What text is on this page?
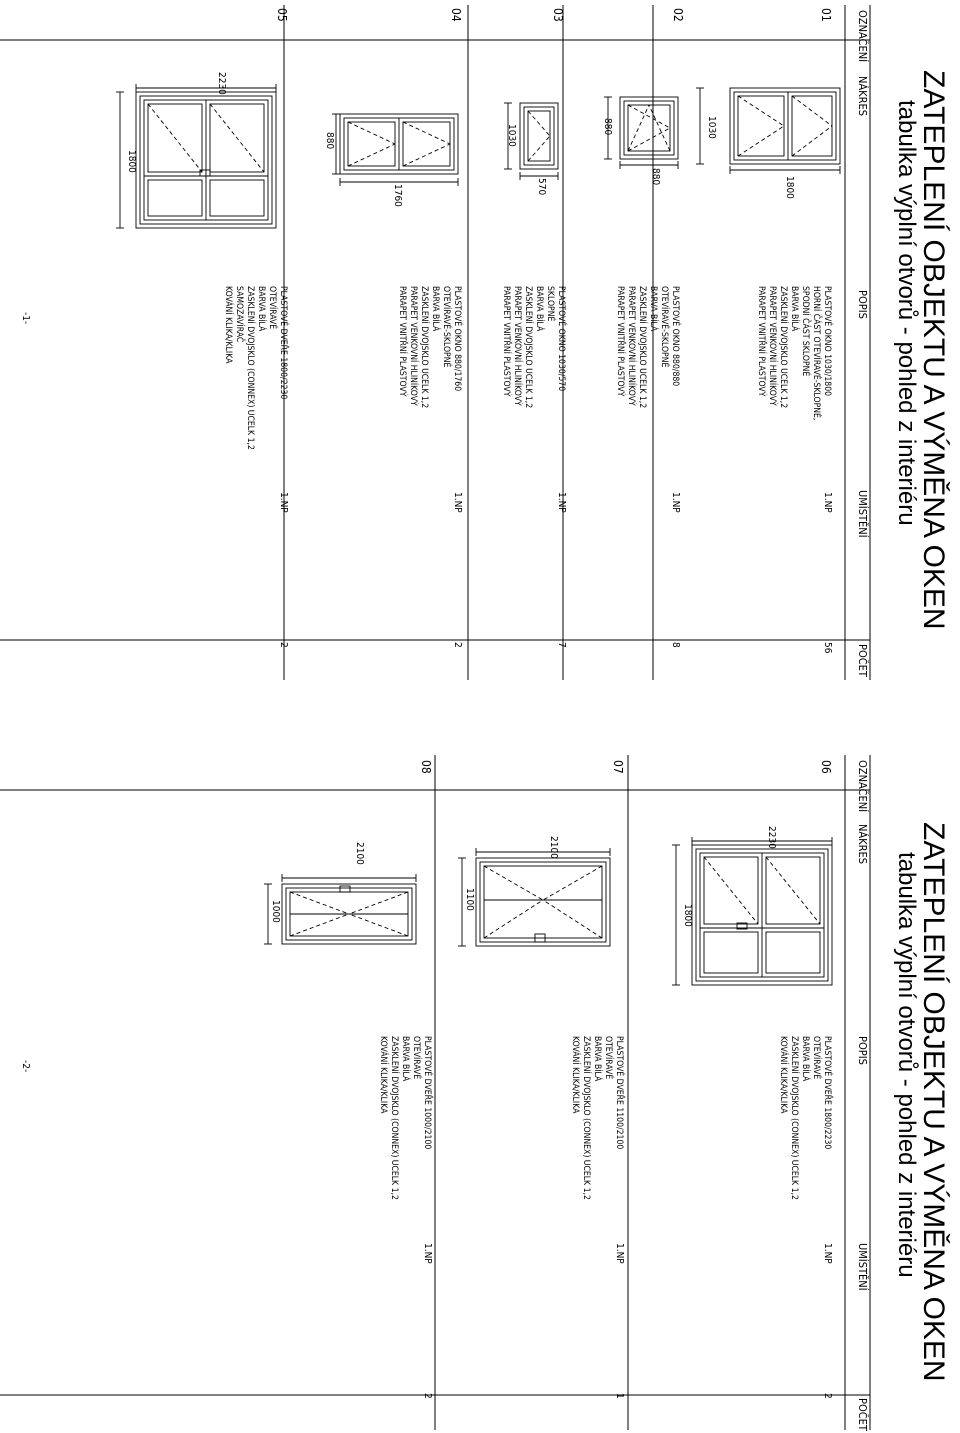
ZATEPLENÍ OBJEKTU A VÝMĚNA OKEN
tabulka výplní otvorů - pohled z interiéru
OZNAČENÍ
NÁKRES
POPIS
UMÍSTĚNÍ
POČET
01
1800
1030
PLASTOVÉ OKNO 1030/1800
HORNÍ ČÁST OTEVÍRAVÉ-SKLOPNÉ,
SPODNÍ ČÁST SKLOPNÉ
BARVA BÍLÁ
ZASKLENÍ DVOJSKLO UCELK 1,2
PARAPET VENKOVNÍ HLINÍKOVÝ
PARAPET VNITŘNÍ PLASTOVÝ
1.NP
56
02
880
880
PLASTOVÉ OKNO 880/880
OTEVÍRAVÉ-SKLOPNÉ
BARVA BÍLÁ
ZASKLENÍ DVOJSKLO UCELK 1,2
PARAPET VENKOVNÍ HLINÍKOVÝ
PARAPET VNITŘNÍ PLASTOVÝ
1.NP
8
03
570
1030
PLASTOVÉ OKNO 1030/570
SKLOPNÉ
BARVA BÍLÁ
ZASKLENÍ DVOJSKLO UCELK 1,2
PARAPET VENKOVNÍ HLINÍKOVÝ
PARAPET VNITŘNÍ PLASTOVÝ
1.NP
7
04
1760
880
PLASTOVÉ OKNO 880/1760
OTEVÍRAVÉ-SKLOPNÉ
BARVA BÍLÁ
ZASKLENÍ DVOJSKLO UCELK 1,2
PARAPET VENKOVNÍ HLINÍKOVÝ
PARAPET VNITŘNÍ PLASTOVÝ
1.NP
2
05
2230
1800
PLASTOVÉ DVEŘE 1800/2230
OTEVÍRAVÉ
BARVA BÍLÁ
ZASKLENÍ DVOJSKLO (CONNEX) UCELK 1,2
SAMOZAVÍRAČ
KOVÁNÍ KLIKA/KLIKA
1.NP
2
-1-
ZATEPLENÍ OBJEKTU A VÝMĚNA OKEN
tabulka výplní otvorů - pohled z interiéru
OZNAČENÍ
NÁKRES
POPIS
UMÍSTĚNÍ
POČET
06
2230
1800
PLASTOVÉ DVEŘE 1800/2230
OTEVÍRAVÉ
BARVA BÍLÁ
ZASKLENÍ DVOJSKLO (CONNEX) UCELK 1,2
KOVÁNÍ KLIKA/KLIKA
1.NP
2
07
2100
1100
PLASTOVÉ DVEŘE 1100/2100
OTEVÍRAVÉ
BARVA BÍLÁ
ZASKLENÍ DVOJSKLO (CONNEX) UCELK 1,2
KOVÁNÍ KLIKA/KLIKA
1.NP
1
08
2100
1000
PLASTOVÉ DVEŘE 1000/2100
OTEVÍRAVÉ
BARVA BÍLÁ
ZASKLENÍ DVOJSKLO (CONNEX) UCELK 1,2
KOVÁNÍ KLIKA/KLIKA
1.NP
2
-2-
